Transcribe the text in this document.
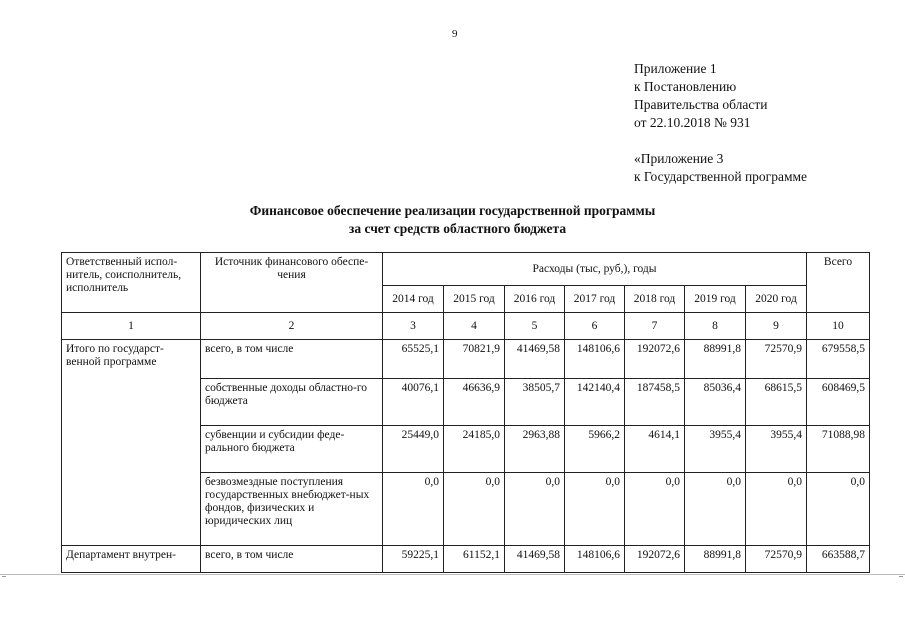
9
Приложение 1
к Постановлению
Правительства области
от 22.10.2018 № 931
«Приложение 3
к Государственной программе
Финансовое обеспечение реализации государственной программы
за счет средств областного бюджета
Ответственный испол-нитель, соисполнитель, исполнитель	Источник финансового обеспе-чения	Расходы (тыс, руб,), годы							Всего
		2014 год	2015 год	2016 год	2017 год	2018 год	2019 год	2020 год	
1	2	3	4	5	6	7	8	9	10
Итого по государст-венной программе	всего, в том числе	65525,1	70821,9	41469,58	148106,6	192072,6	88991,8	72570,9	679558,5
	собственные доходы областно-го бюджета	40076,1	46636,9	38505,7	142140,4	187458,5	85036,4	68615,5	608469,5
	субвенции и субсидии феде-рального бюджета	25449,0	24185,0	2963,88	5966,2	4614,1	3955,4	3955,4	71088,98
	безвозмездные поступления государственных внебюджет-ных фондов, физических и юридических лиц	0,0	0,0	0,0	0,0	0,0	0,0	0,0	0,0
Департамент внутрен-	всего, в том числе	59225,1	61152,1	41469,58	148106,6	192072,6	88991,8	72570,9	663588,7
